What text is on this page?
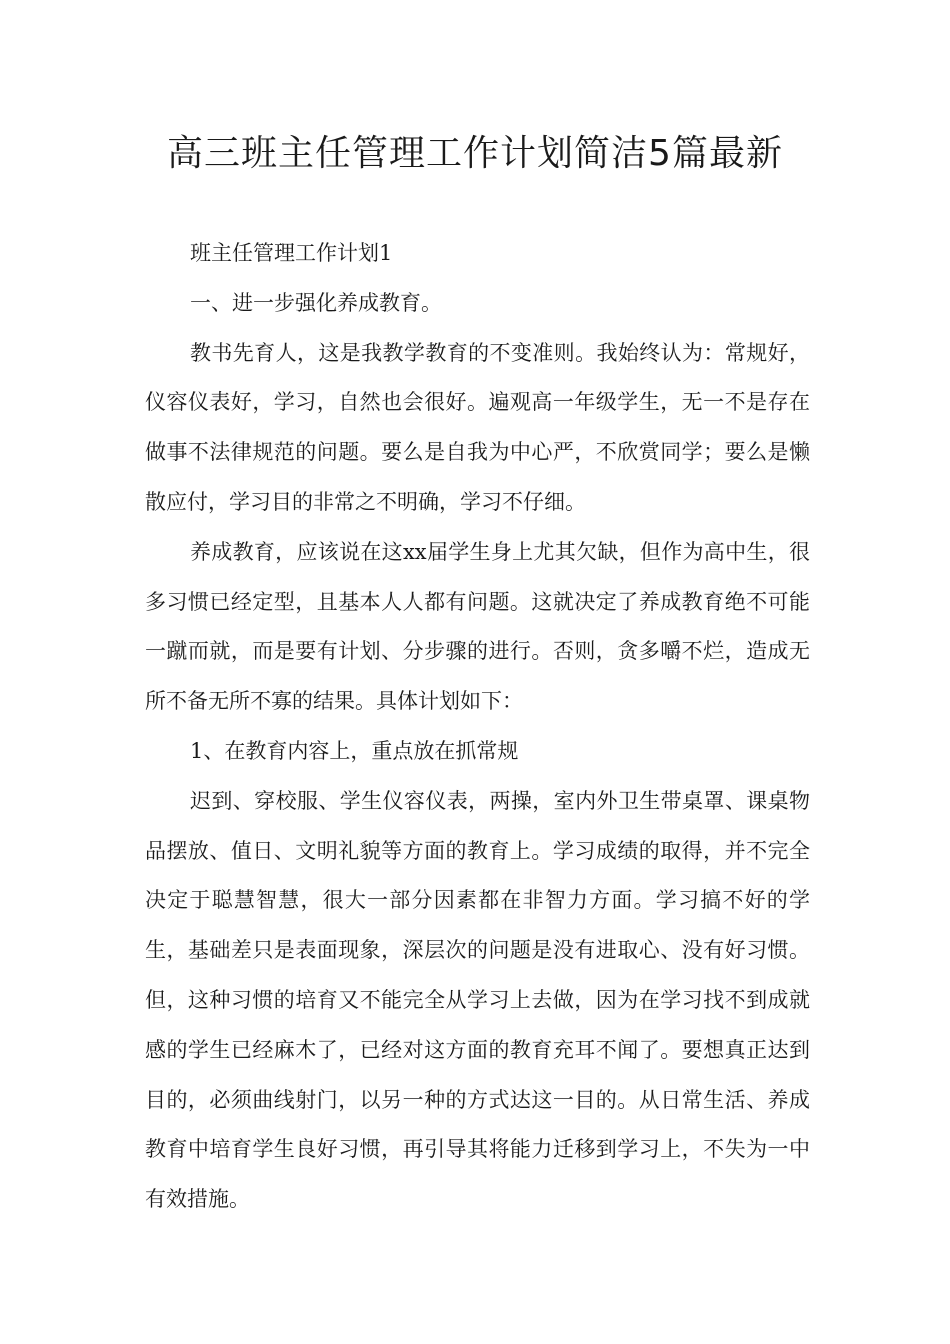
高三班主任管理工作计划简洁5篇最新

班主任管理工作计划1

一、进一步强化养成教育。

教书先育人，这是我教学教育的不变准则。我始终认为：常规好，仪容仪表好，学习，自然也会很好。遍观高一年级学生，无一不是存在做事不法律规范的问题。要么是自我为中心严，不欣赏同学；要么是懒散应付，学习目的非常之不明确，学习不仔细。

养成教育，应该说在这xx届学生身上尤其欠缺，但作为高中生，很多习惯已经定型，且基本人人都有问题。这就决定了养成教育绝不可能一蹴而就，而是要有计划、分步骤的进行。否则，贪多嚼不烂，造成无所不备无所不寡的结果。具体计划如下：

1、在教育内容上，重点放在抓常规

迟到、穿校服、学生仪容仪表，两操，室内外卫生带桌罩、课桌物品摆放、值日、文明礼貌等方面的教育上。学习成绩的取得，并不完全决定于聪慧智慧，很大一部分因素都在非智力方面。学习搞不好的学生，基础差只是表面现象，深层次的问题是没有进取心、没有好习惯。但，这种习惯的培育又不能完全从学习上去做，因为在学习找不到成就感的学生已经麻木了，已经对这方面的教育充耳不闻了。要想真正达到目的，必须曲线射门，以另一种的方式达这一目的。从日常生活、养成教育中培育学生良好习惯，再引导其将能力迁移到学习上，不失为一中有效措施。
